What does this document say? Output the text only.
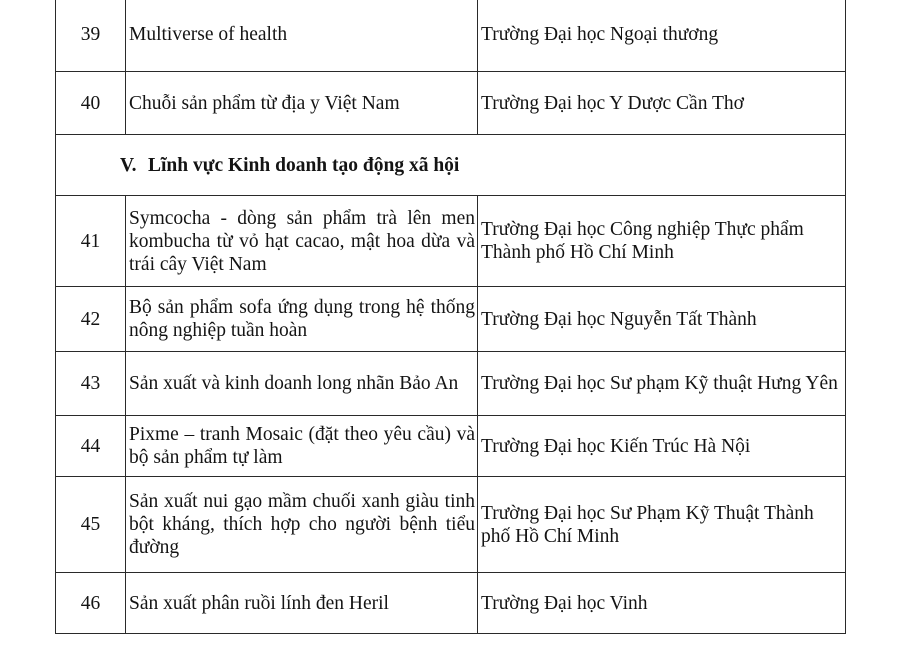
39	Multiverse of health	Trường Đại học Ngoại thương
40	Chuỗi sản phẩm từ địa y Việt Nam	Trường Đại học Y Dược Cần Thơ
V. Lĩnh vực Kinh doanh tạo động xã hội		
41	Symcocha - dòng sản phẩm trà lên men kombucha từ vỏ hạt cacao, mật hoa dừa và trái cây Việt Nam	Trường Đại học Công nghiệp Thực phẩm Thành phố Hồ Chí Minh
42	Bộ sản phẩm sofa ứng dụng trong hệ thống nông nghiệp tuần hoàn	Trường Đại học Nguyễn Tất Thành
43	Sản xuất và kinh doanh long nhãn Bảo An	Trường Đại học Sư phạm Kỹ thuật Hưng Yên
44	Pixme – tranh Mosaic (đặt theo yêu cầu) và bộ sản phẩm tự làm	Trường Đại học Kiến Trúc Hà Nội
45	Sản xuất nui gạo mầm chuối xanh giàu tinh bột kháng, thích hợp cho người bệnh tiểu đường	Trường Đại học Sư Phạm Kỹ Thuật Thành phố Hồ Chí Minh
46	Sản xuất phân ruồi lính đen Heril	Trường Đại học Vinh
